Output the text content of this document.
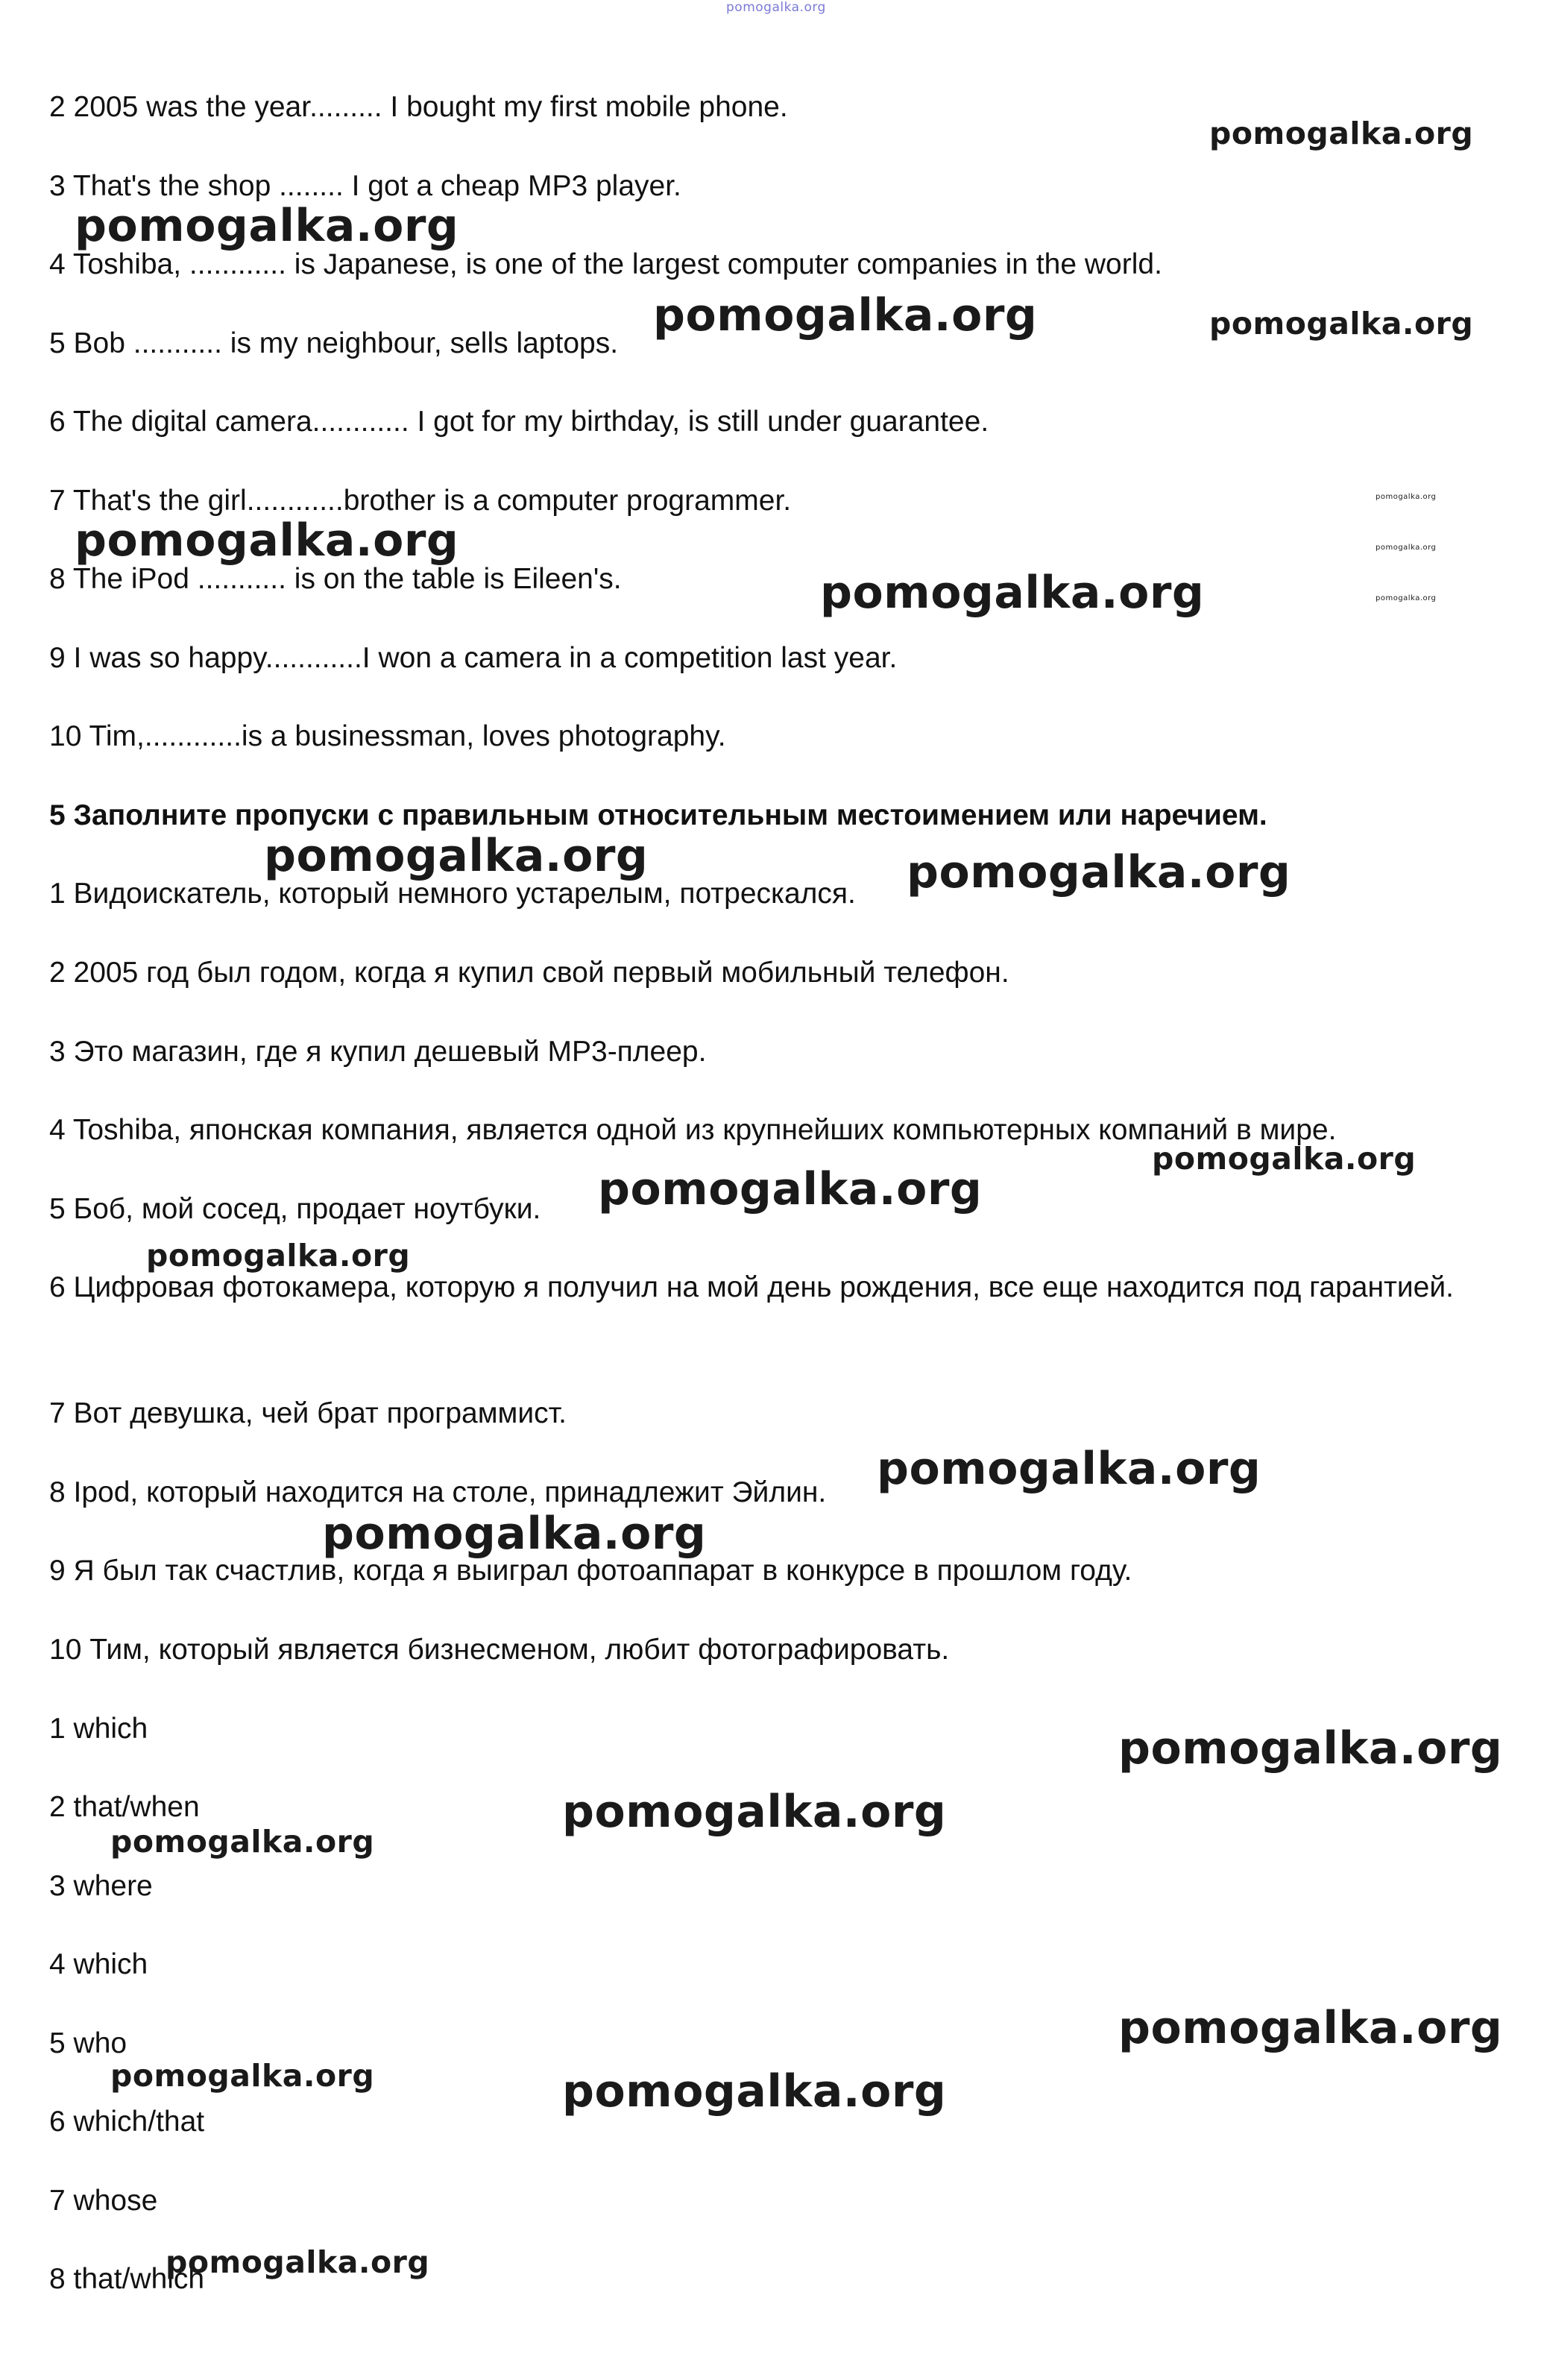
pomogalka.org

2 2005 was the year......... I bought my first mobile phone.

3 That's the shop ........ I got a cheap MP3 player.

4 Toshiba, ............ is Japanese, is one of the largest computer companies in the world.

5 Bob ........... is my neighbour, sells laptops.

6 The digital camera............ I got for my birthday, is still under guarantee.

7 That's the girl............brother is a computer programmer.

8 The iPod ........... is on the table is Eileen's.

9 I was so happy............I won a camera in a competition last year.

10 Tim,............is a businessman, loves photography.

5 Заполните пропуски с правильным относительным местоимением или наречием.

1 Видоискатель, который немного устарелым, потрескался.

2 2005 год был годом, когда я купил свой первый мобильный телефон.

3 Это магазин, где я купил дешевый MP3-плеер.

4 Toshiba, японская компания, является одной из крупнейших компьютерных компаний в мире.

5 Боб, мой сосед, продает ноутбуки.

6 Цифровая фотокамера, которую я получил на мой день рождения, все еще находится под гарантией.

7 Вот девушка, чей брат программист.

8 Ipod, который находится на столе, принадлежит Эйлин.

9 Я был так счастлив, когда я выиграл фотоаппарат в конкурсе в прошлом году.

10 Тим, который является бизнесменом, любит фотографировать.

1 which

2 that/when

3 where

4 which

5 who

6 which/that

7 whose

8 that/which

pomogalka.org
pomogalka.org
pomogalka.org	pomogalka.org
pomogalka.org
pomogalka.org	pomogalka.org
pomogalka.org	pomogalka.org
pomogalka.org	pomogalka.org
pomogalka.org
pomogalka.org
pomogalka.org
pomogalka.org
pomogalka.org
pomogalka.org
pomogalka.org
pomogalka.org
pomogalka.org
pomogalka.org	pomogalka.org
pomogalka.org
